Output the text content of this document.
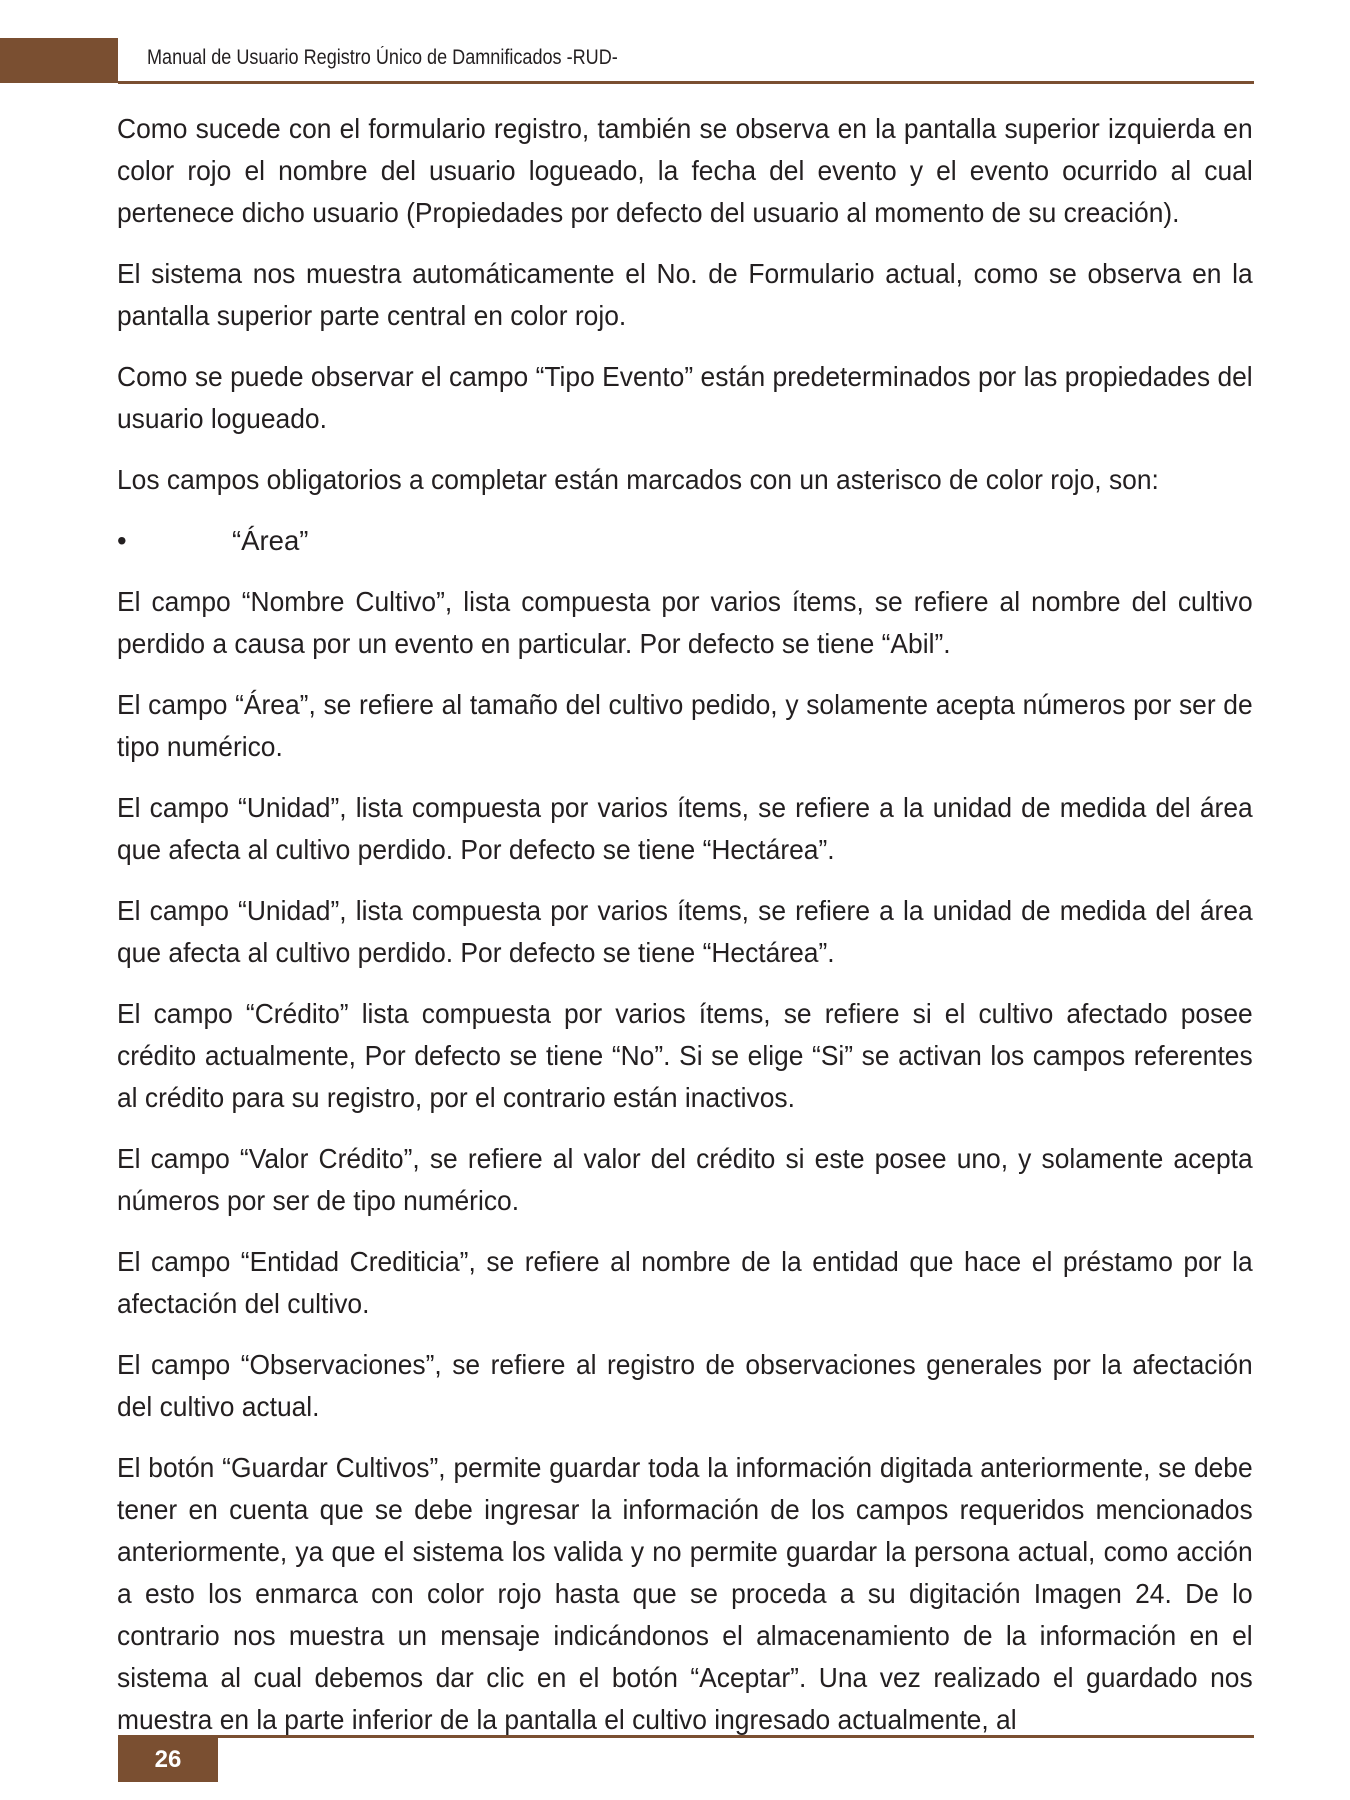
Manual de Usuario Registro Único de Damnificados -RUD-

Como sucede con el formulario registro, también se observa en la pantalla superior izquierda en color rojo el nombre del usuario logueado, la fecha del evento y el evento ocurrido al cual pertenece dicho usuario (Propiedades por defecto del usuario al momento de su creación).

El sistema nos muestra automáticamente el No. de Formulario actual, como se observa en la pantalla superior parte central en color rojo.

Como se puede observar el campo “Tipo Evento” están predeterminados por las propiedades del usuario logueado.

Los campos obligatorios a completar están marcados con un asterisco de color rojo, son:

•	“Área”

El campo “Nombre Cultivo”, lista compuesta por varios ítems, se refiere al nombre del cultivo perdido a causa por un evento en particular. Por defecto se tiene “Abil”.

El campo “Área”, se refiere al tamaño del cultivo pedido, y solamente acepta números por ser de tipo numérico.

El campo “Unidad”, lista compuesta por varios ítems, se refiere a la unidad de medida del área que afecta al cultivo perdido. Por defecto se tiene “Hectárea”.

El campo “Unidad”, lista compuesta por varios ítems, se refiere a la unidad de medida del área que afecta al cultivo perdido. Por defecto se tiene “Hectárea”.

El campo “Crédito” lista compuesta por varios ítems, se refiere si el cultivo afectado posee crédito actualmente, Por defecto se tiene “No”. Si se elige “Si” se activan los campos referentes al crédito para su registro, por el contrario están inactivos.

El campo “Valor Crédito”, se refiere al valor del crédito si este posee uno, y solamente acepta números por ser de tipo numérico.

El campo “Entidad Crediticia”, se refiere al nombre de la entidad que hace el préstamo por la afectación del cultivo.

El campo “Observaciones”, se refiere al registro de observaciones generales por la afectación del cultivo actual.

El botón “Guardar Cultivos”, permite guardar toda la información digitada anteriormente, se debe tener en cuenta que se debe ingresar la información de los campos requeridos mencionados anteriormente, ya que el sistema los valida y no permite guardar la persona actual, como acción a esto los enmarca con color rojo hasta que se proceda a su digitación Imagen 24. De lo contrario nos muestra un mensaje indicándonos el almacenamiento de la información en el sistema al cual debemos dar clic en el botón “Aceptar”. Una vez realizado el guardado nos muestra en la parte inferior de la pantalla el cultivo ingresado actualmente, al

26
